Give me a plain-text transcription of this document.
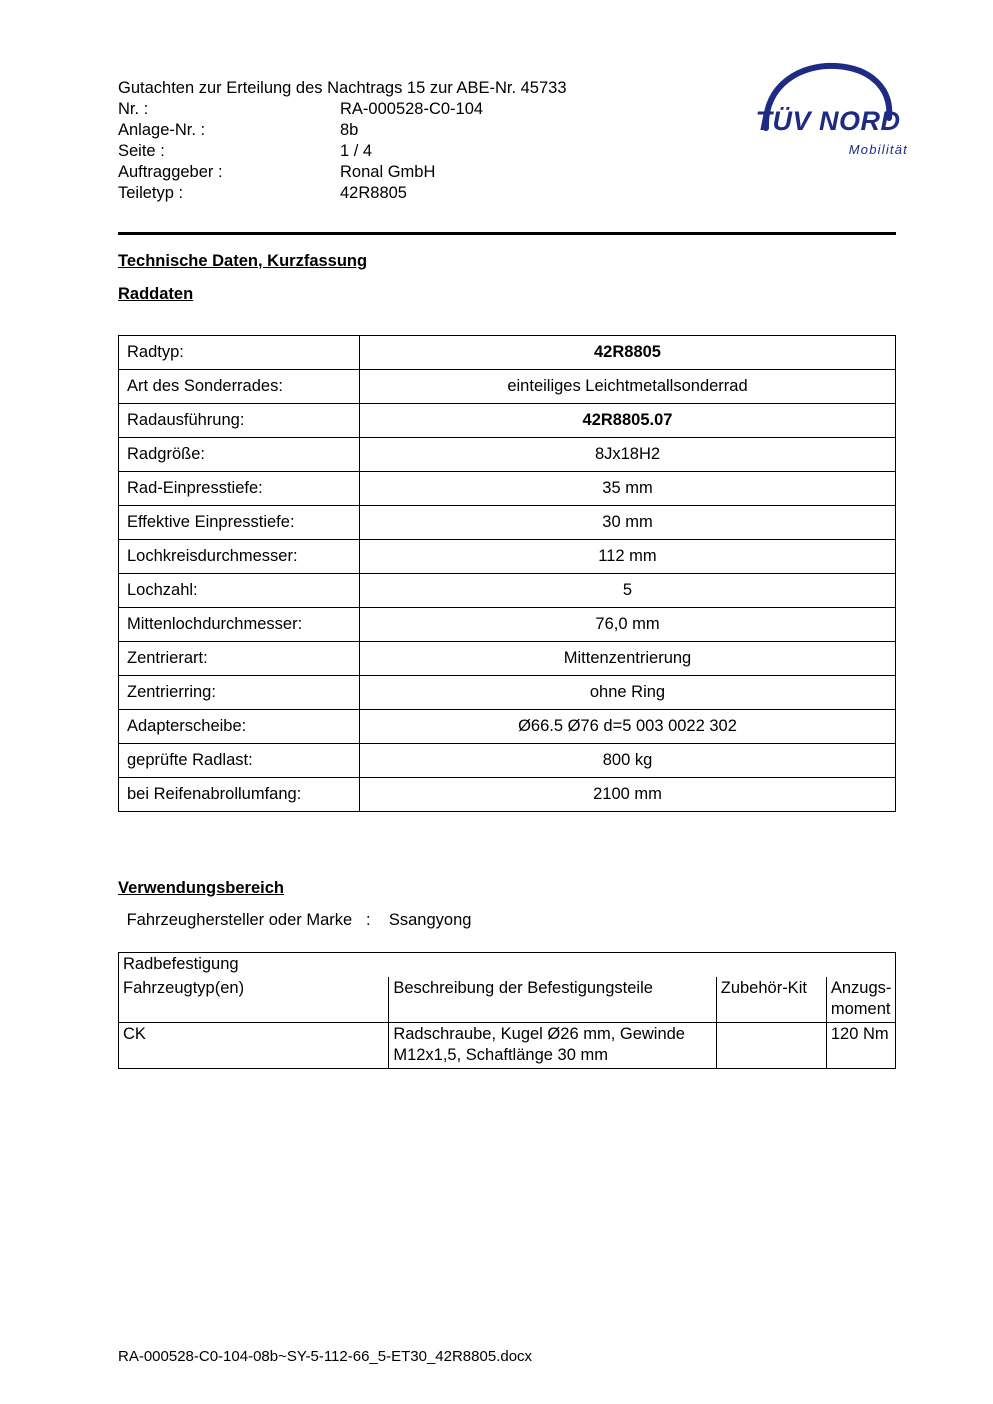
Gutachten zur Erteilung des Nachtrags 15 zur ABE-Nr. 45733
Nr. :	RA-000528-C0-104
Anlage-Nr. :	8b
Seite :	1 / 4
Auftraggeber :	Ronal GmbH
Teiletyp :	42R8805
TÜV NORD
Mobilität
Technische Daten, Kurzfassung
Raddaten
Radtyp:	42R8805
Art des Sonderrades:	einteiliges Leichtmetallsonderrad
Radausführung:	42R8805.07
Radgröße:	8Jx18H2
Rad-Einpresstiefe:	35 mm
Effektive Einpresstiefe:	30 mm
Lochkreisdurchmesser:	112 mm
Lochzahl:	5
Mittenlochdurchmesser:	76,0 mm
Zentrierart:	Mittenzentrierung
Zentrierring:	ohne Ring
Adapterscheibe:	Ø66.5 Ø76 d=5 003 0022 302
geprüfte Radlast:	800 kg
bei Reifenabrollumfang:	2100 mm
Verwendungsbereich
Fahrzeughersteller oder Marke   :    Ssangyong
Radbefestigung			
Fahrzeugtyp(en)	Beschreibung der Befestigungsteile	Zubehör-Kit	Anzugs-
moment
CK	Radschraube, Kugel Ø26 mm, Gewinde
M12x1,5, Schaftlänge 30 mm		120 Nm
RA-000528-C0-104-08b~SY-5-112-66_5-ET30_42R8805.docx
